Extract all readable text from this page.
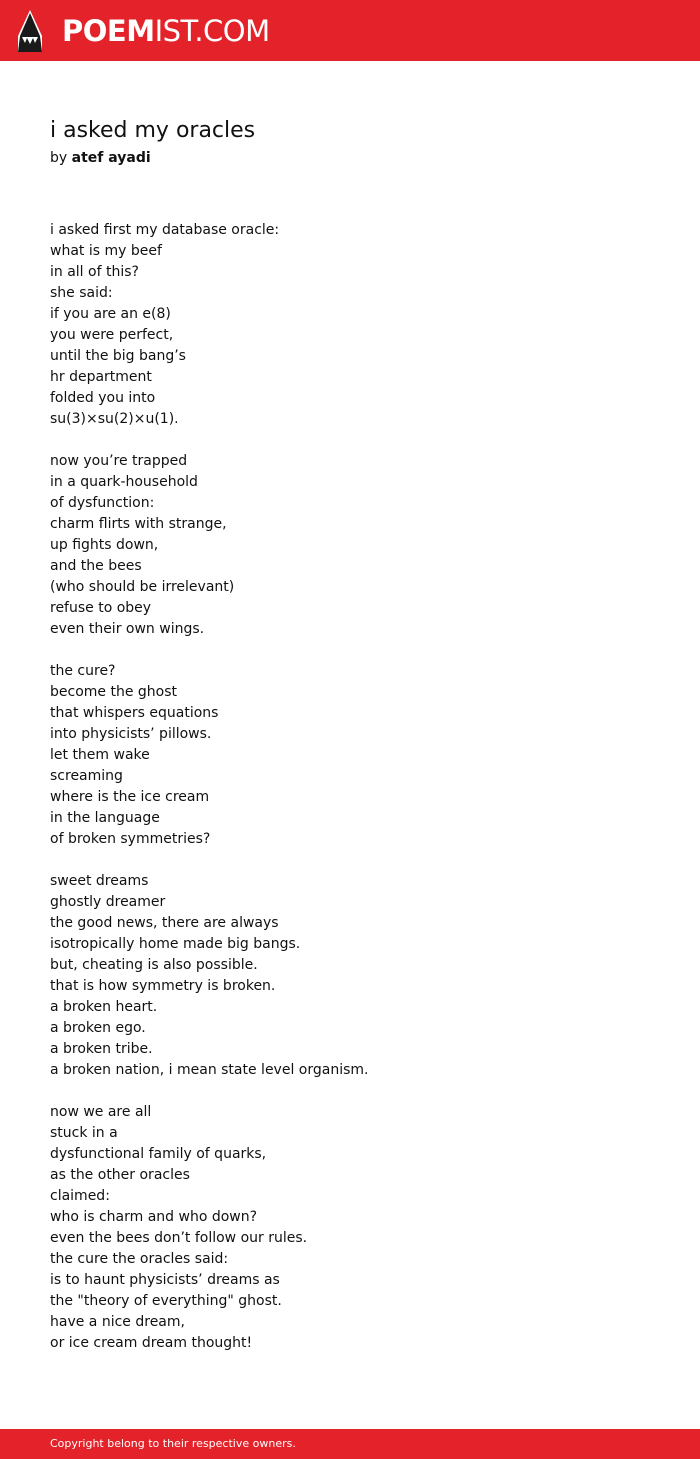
POEMIST.COM
i asked my oracles
by atef ayadi
i asked first my database oracle:
what is my beef
in all of this?
she said:
if you are an e(8)
you were perfect,
until the big bang’s
hr department
folded you into
su(3)×su(2)×u(1).
now you’re trapped
in a quark-household
of dysfunction:
charm flirts with strange,
up fights down,
and the bees
(who should be irrelevant)
refuse to obey
even their own wings.
the cure?
become the ghost
that whispers equations
into physicists’ pillows.
let them wake
screaming
where is the ice cream
in the language
of broken symmetries?
sweet dreams
ghostly dreamer
the good news, there are always
isotropically home made big bangs.
but, cheating is also possible.
that is how symmetry is broken.
a broken heart.
a broken ego.
a broken tribe.
a broken nation, i mean state level organism.
now we are all
stuck in a
dysfunctional family of quarks,
as the other oracles
claimed:
who is charm and who down?
even the bees don’t follow our rules.
the cure the oracles said:
is to haunt physicists’ dreams as
the "theory of everything" ghost.
have a nice dream,
or ice cream dream thought!
Copyright belong to their respective owners.
